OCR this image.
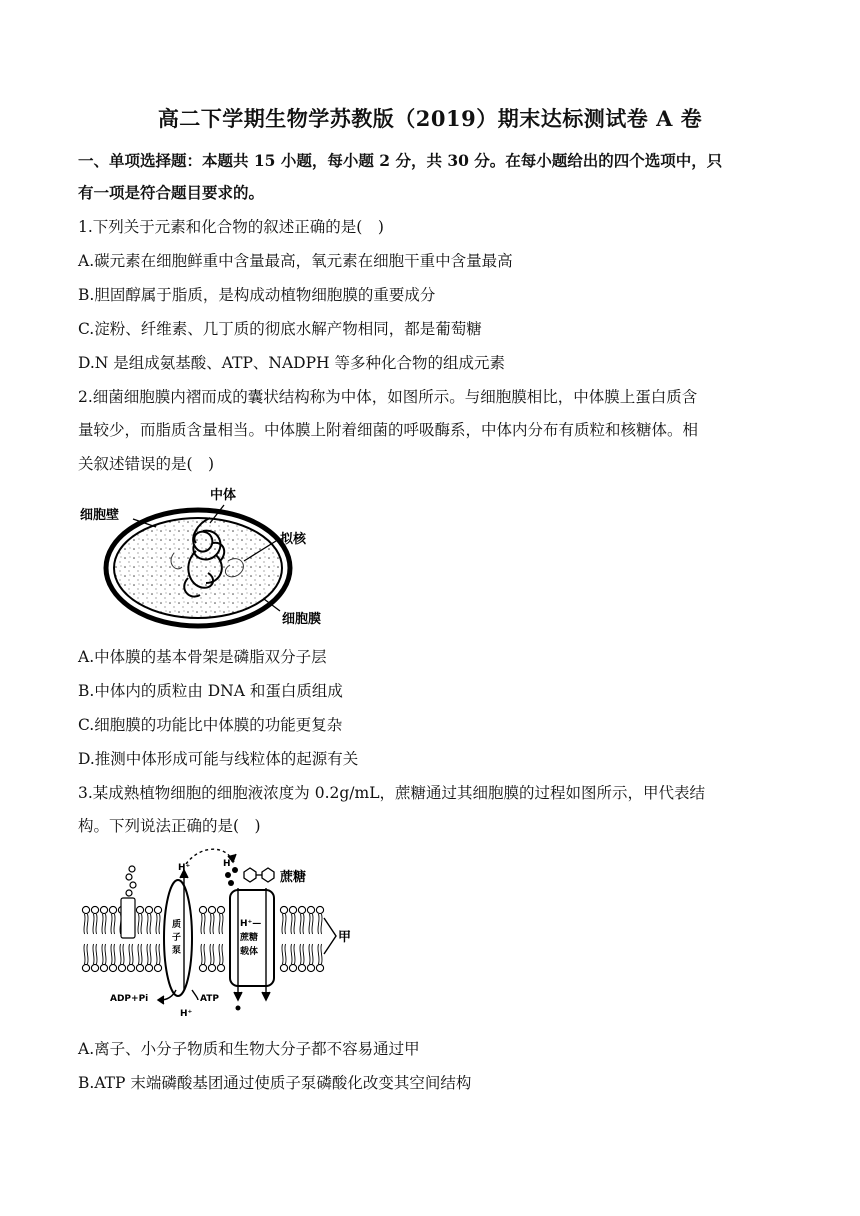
高二下学期生物学苏教版（2019）期末达标测试卷 A 卷
一、单项选择题：本题共 15 小题，每小题 2 分，共 30 分。在每小题给出的四个选项中，只
有一项是符合题目要求的。
1.下列关于元素和化合物的叙述正确的是(　)
A.碳元素在细胞鲜重中含量最高，氧元素在细胞干重中含量最高
B.胆固醇属于脂质，是构成动植物细胞膜的重要成分
C.淀粉、纤维素、几丁质的彻底水解产物相同，都是葡萄糖
D.N 是组成氨基酸、ATP、NADPH 等多种化合物的组成元素
2.细菌细胞膜内褶而成的囊状结构称为中体，如图所示。与细胞膜相比，中体膜上蛋白质含
量较少，而脂质含量相当。中体膜上附着细菌的呼吸酶系，中体内分布有质粒和核糖体。相
关叙述错误的是(　)
中体
细胞壁
拟核
细胞膜
A.中体膜的基本骨架是磷脂双分子层
B.中体内的质粒由 DNA 和蛋白质组成
C.细胞膜的功能比中体膜的功能更复杂
D.推测中体形成可能与线粒体的起源有关
3.某成熟植物细胞的细胞液浓度为 0.2g/mL，蔗糖通过其细胞膜的过程如图所示，甲代表结
构。下列说法正确的是(　)
H⁺	H⁺
质
子
泵
H⁺—
蔗糖
载体
ADP+Pi	ATP
H⁺
蔗糖
甲
A.离子、小分子物质和生物大分子都不容易通过甲
B.ATP 末端磷酸基团通过使质子泵磷酸化改变其空间结构
